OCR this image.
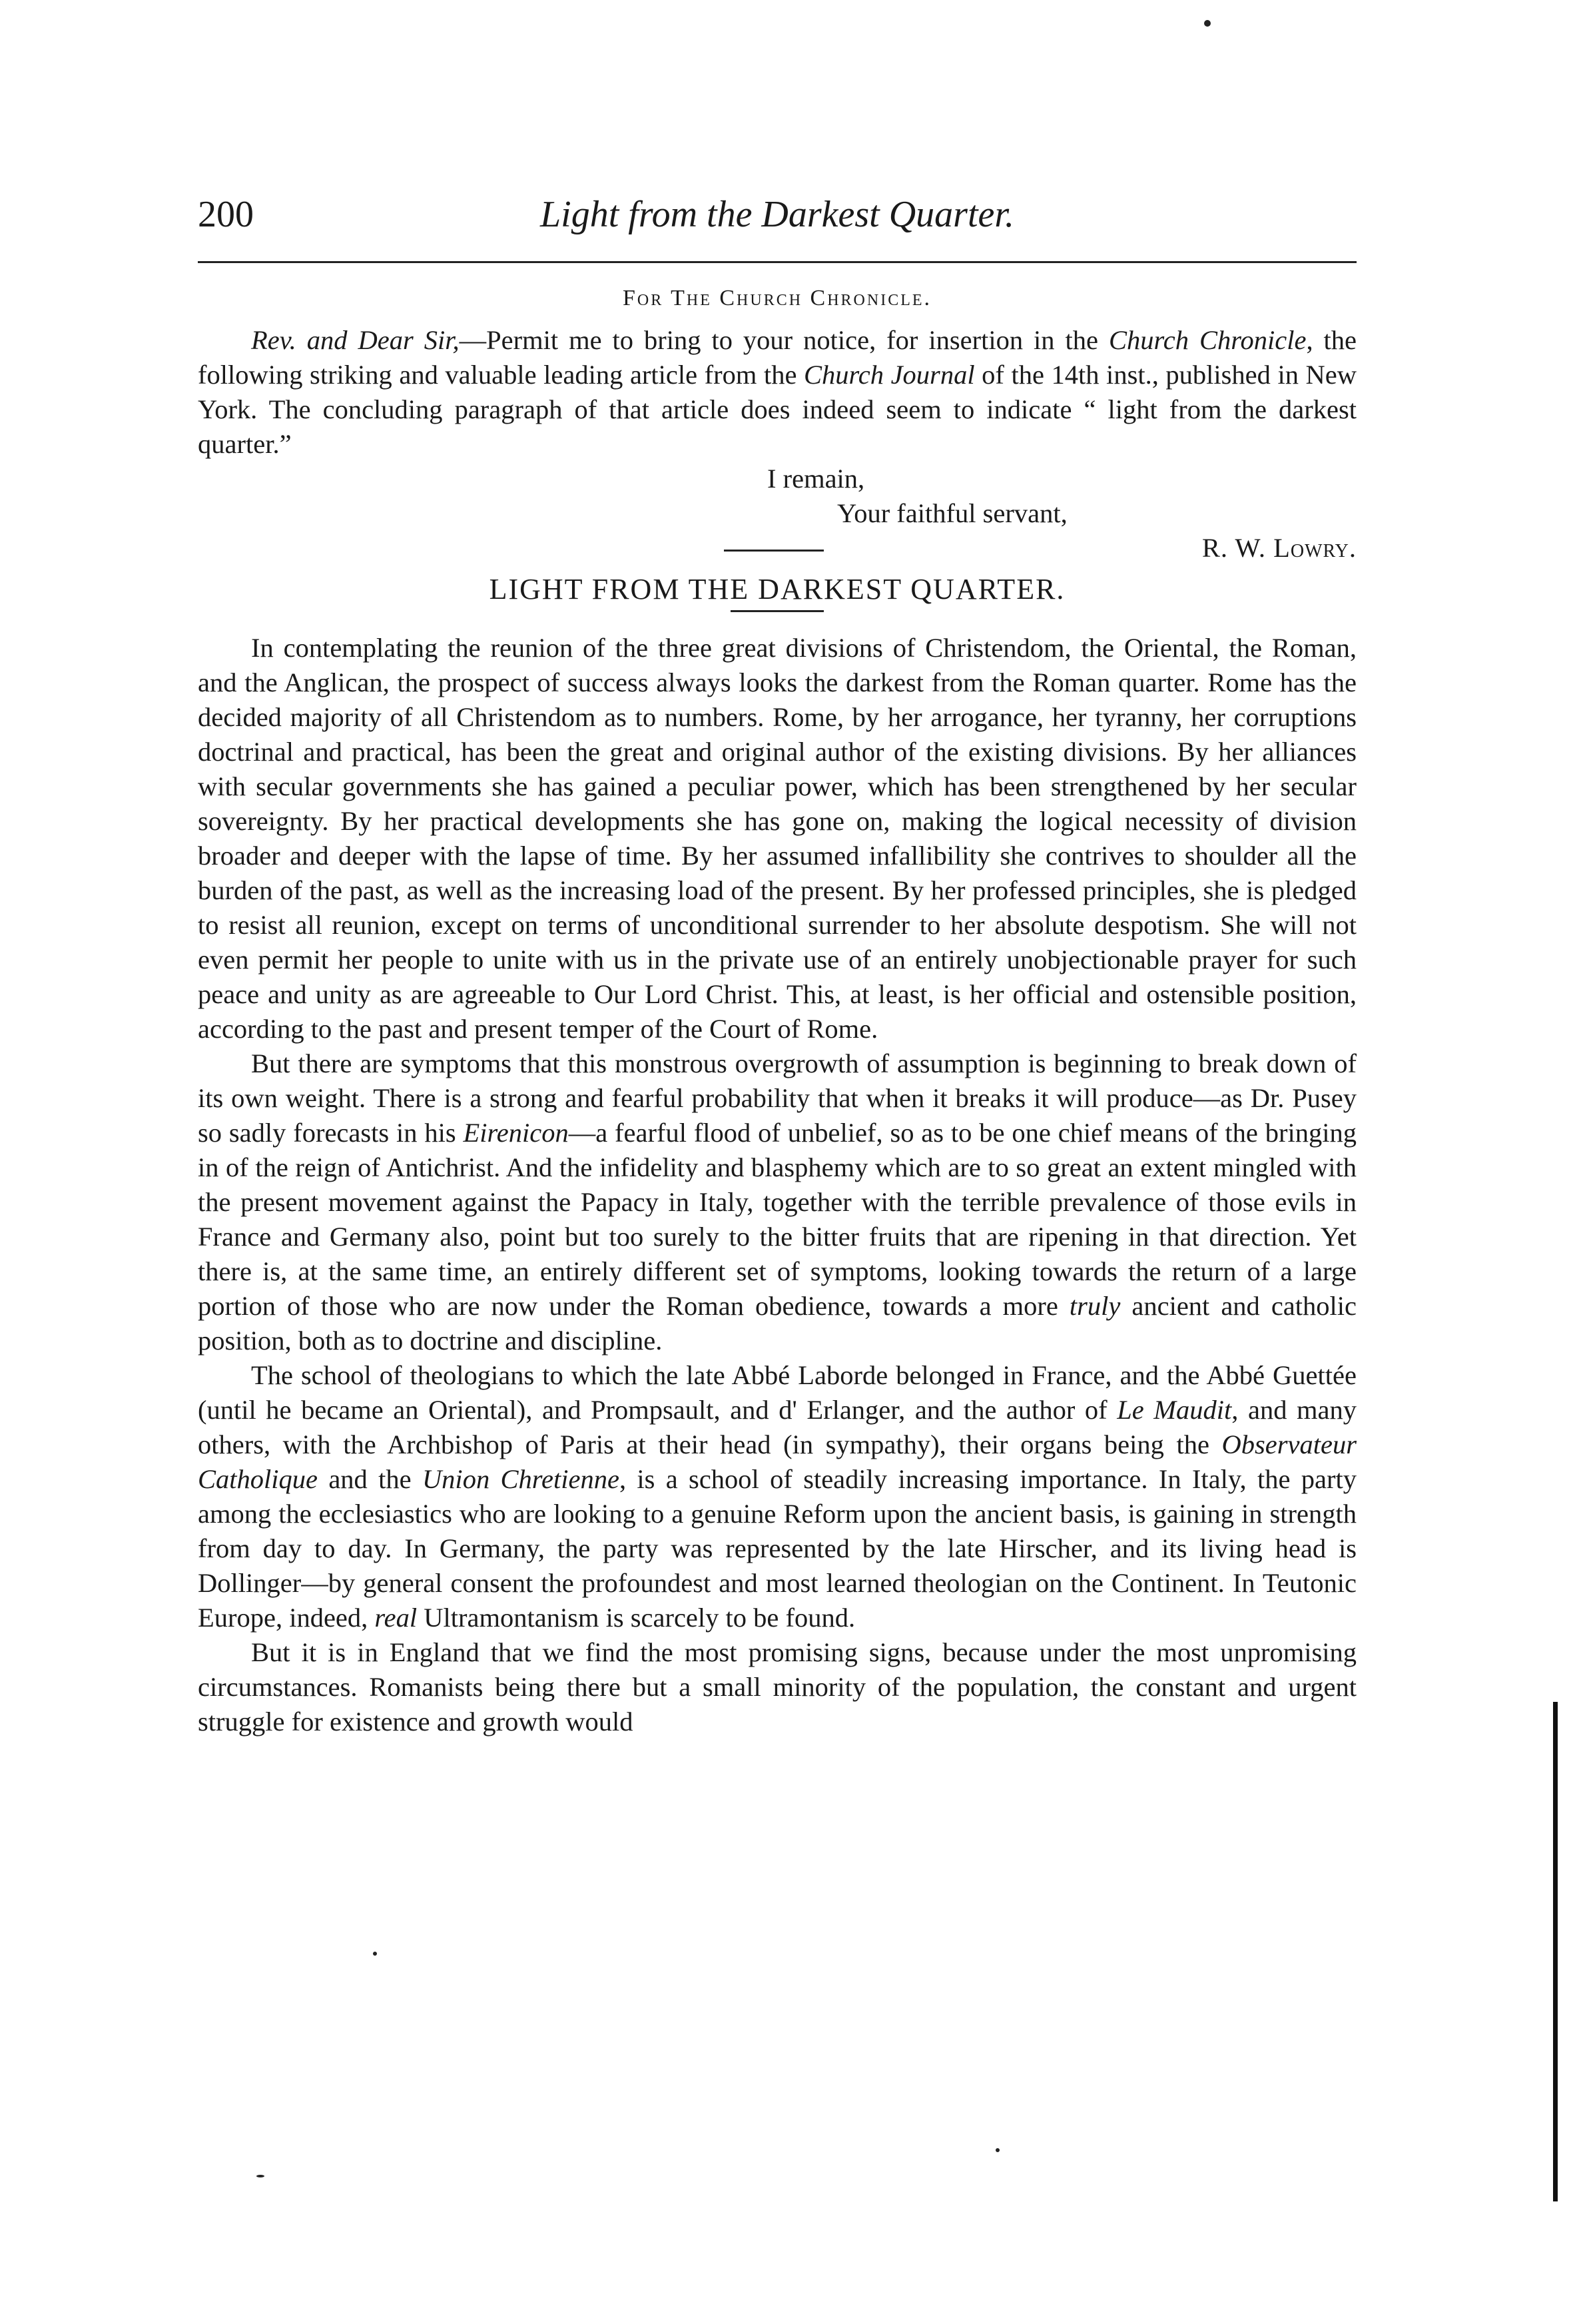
200	Light from the Darkest Quarter.
For The Church Chronicle.

Rev. and Dear Sir,—Permit me to bring to your notice, for insertion in the Church Chronicle, the following striking and valuable leading article from the Church Journal of the 14th inst., published in New York. The concluding paragraph of that article does indeed seem to indicate “ light from the darkest quarter.”

I remain,
Your faithful servant,
R. W. Lowry.
LIGHT FROM THE DARKEST QUARTER.

In contemplating the reunion of the three great divisions of Christendom, the Oriental, the Roman, and the Anglican, the prospect of success always looks the darkest from the Roman quarter. Rome has the decided majority of all Christendom as to numbers. Rome, by her arrogance, her tyranny, her corruptions doctrinal and practical, has been the great and original author of the existing divisions. By her alliances with secular governments she has gained a peculiar power, which has been strengthened by her secular sovereignty. By her practical developments she has gone on, making the logical necessity of division broader and deeper with the lapse of time. By her assumed infallibility she contrives to shoulder all the burden of the past, as well as the increasing load of the present. By her professed principles, she is pledged to resist all reunion, except on terms of unconditional surrender to her absolute despotism. She will not even permit her people to unite with us in the private use of an entirely unobjectionable prayer for such peace and unity as are agreeable to Our Lord Christ. This, at least, is her official and ostensible position, according to the past and present temper of the Court of Rome.

But there are symptoms that this monstrous overgrowth of assumption is beginning to break down of its own weight. There is a strong and fearful probability that when it breaks it will produce—as Dr. Pusey so sadly forecasts in his Eirenicon—a fearful flood of unbelief, so as to be one chief means of the bringing in of the reign of Antichrist. And the infidelity and blasphemy which are to so great an extent mingled with the present movement against the Papacy in Italy, together with the terrible prevalence of those evils in France and Germany also, point but too surely to the bitter fruits that are ripening in that direction. Yet there is, at the same time, an entirely different set of symptoms, looking towards the return of a large portion of those who are now under the Roman obedience, towards a more truly ancient and catholic position, both as to doctrine and discipline.

The school of theologians to which the late Abbé Laborde belonged in France, and the Abbé Guettée (until he became an Oriental), and Prompsault, and d' Erlanger, and the author of Le Maudit, and many others, with the Archbishop of Paris at their head (in sympathy), their organs being the Observateur Catholique and the Union Chretienne, is a school of steadily increasing importance. In Italy, the party among the ecclesiastics who are looking to a genuine Reform upon the ancient basis, is gaining in strength from day to day. In Germany, the party was represented by the late Hirscher, and its living head is Dollinger—by general consent the profoundest and most learned theologian on the Continent. In Teutonic Europe, indeed, real Ultramontanism is scarcely to be found.

But it is in England that we find the most promising signs, because under the most unpromising circumstances. Romanists being there but a small minority of the population, the constant and urgent struggle for existence and growth would
